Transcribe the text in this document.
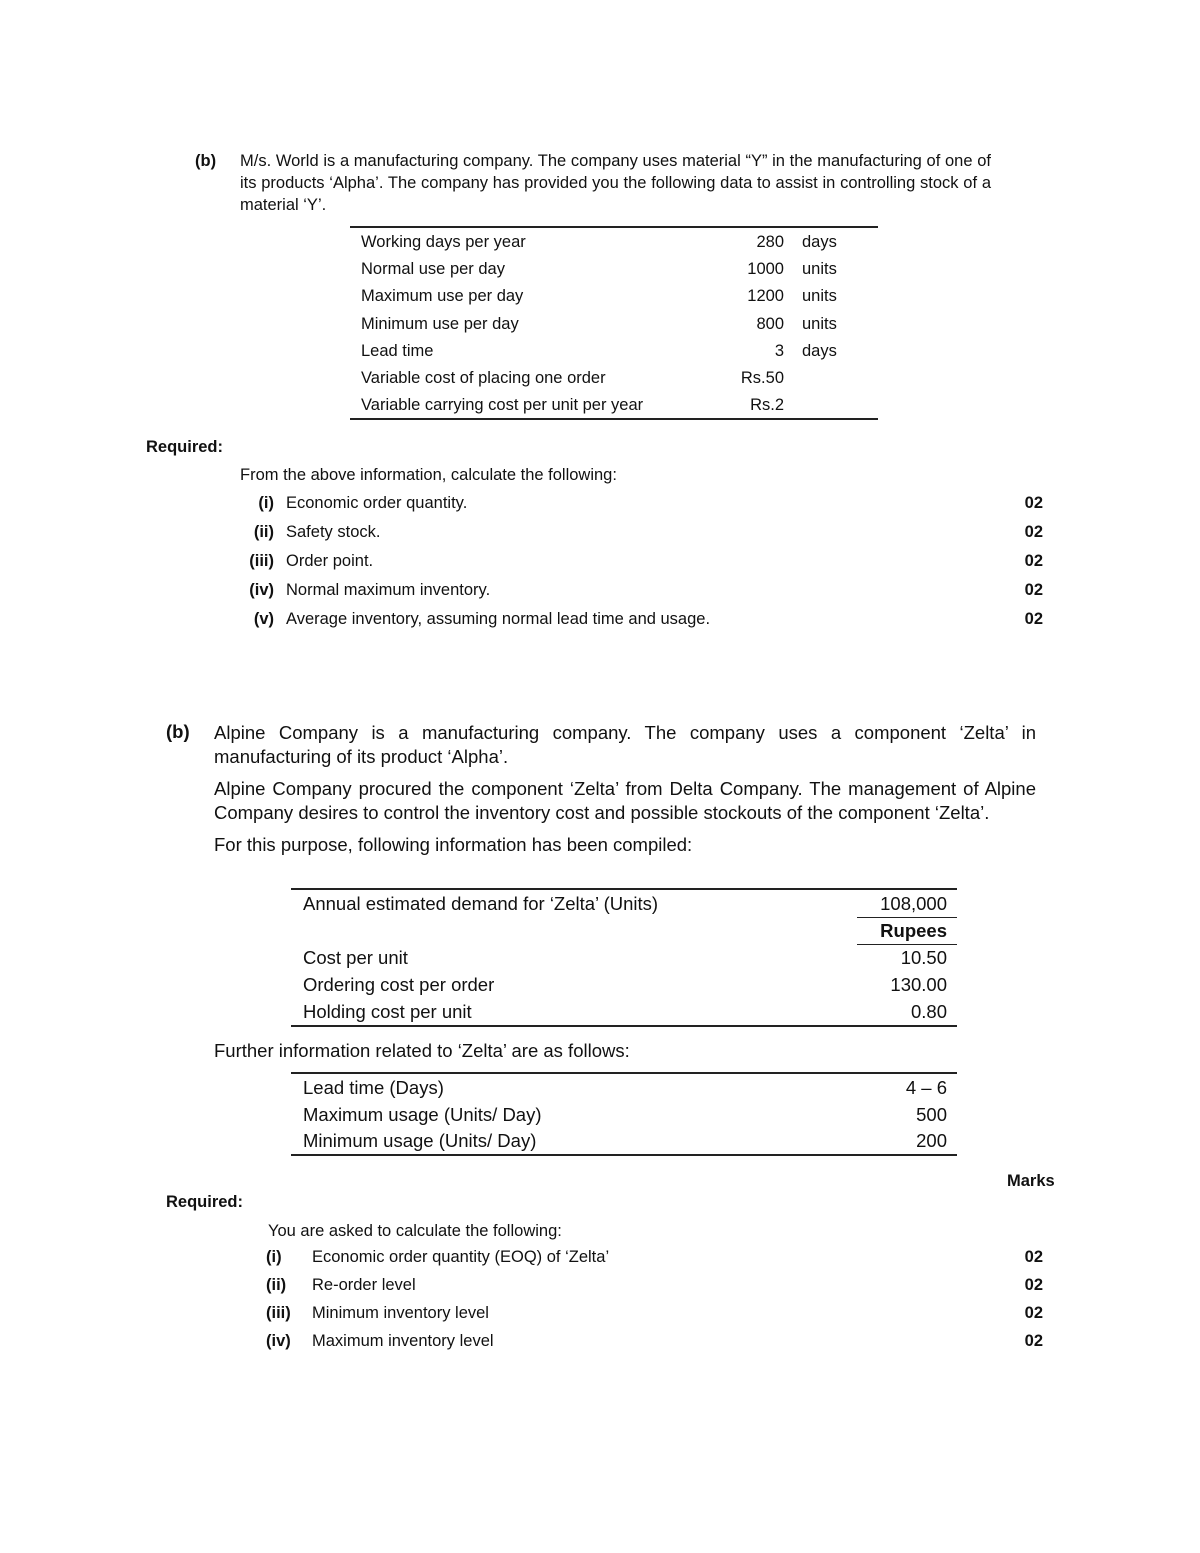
(b) M/s. World is a manufacturing company. The company uses material “Y” in the manufacturing of one of its products ‘Alpha’. The company has provided you the following data to assist in controlling stock of a material ‘Y’.
Working days per year	280 days
Normal use per day	1000 units
Maximum use per day	1200 units
Minimum use per day	800 units
Lead time	3 days
Variable cost of placing one order	Rs.50
Variable carrying cost per unit per year	Rs.2
Required:
From the above information, calculate the following:
(i) Economic order quantity.	02
(ii) Safety stock.	02
(iii) Order point.	02
(iv) Normal maximum inventory.	02
(v) Average inventory, assuming normal lead time and usage.	02
(b) Alpine Company is a manufacturing company. The company uses a component ‘Zelta’ in manufacturing of its product ‘Alpha’.

Alpine Company procured the component ‘Zelta’ from Delta Company. The management of Alpine Company desires to control the inventory cost and possible stockouts of the component ‘Zelta’.

For this purpose, following information has been compiled:

Annual estimated demand for ‘Zelta’ (Units)	108,000
Rupees
Cost per unit	10.50
Ordering cost per order	130.00
Holding cost per unit	0.80
Further information related to ‘Zelta’ are as follows:
Lead time (Days)	4 – 6
Maximum usage (Units/ Day)	500
Minimum usage (Units/ Day)	200
Marks
Required:
You are asked to calculate the following:
(i) Economic order quantity (EOQ) of ‘Zelta’	02
(ii) Re-order level	02
(iii) Minimum inventory level	02
(iv) Maximum inventory level	02
